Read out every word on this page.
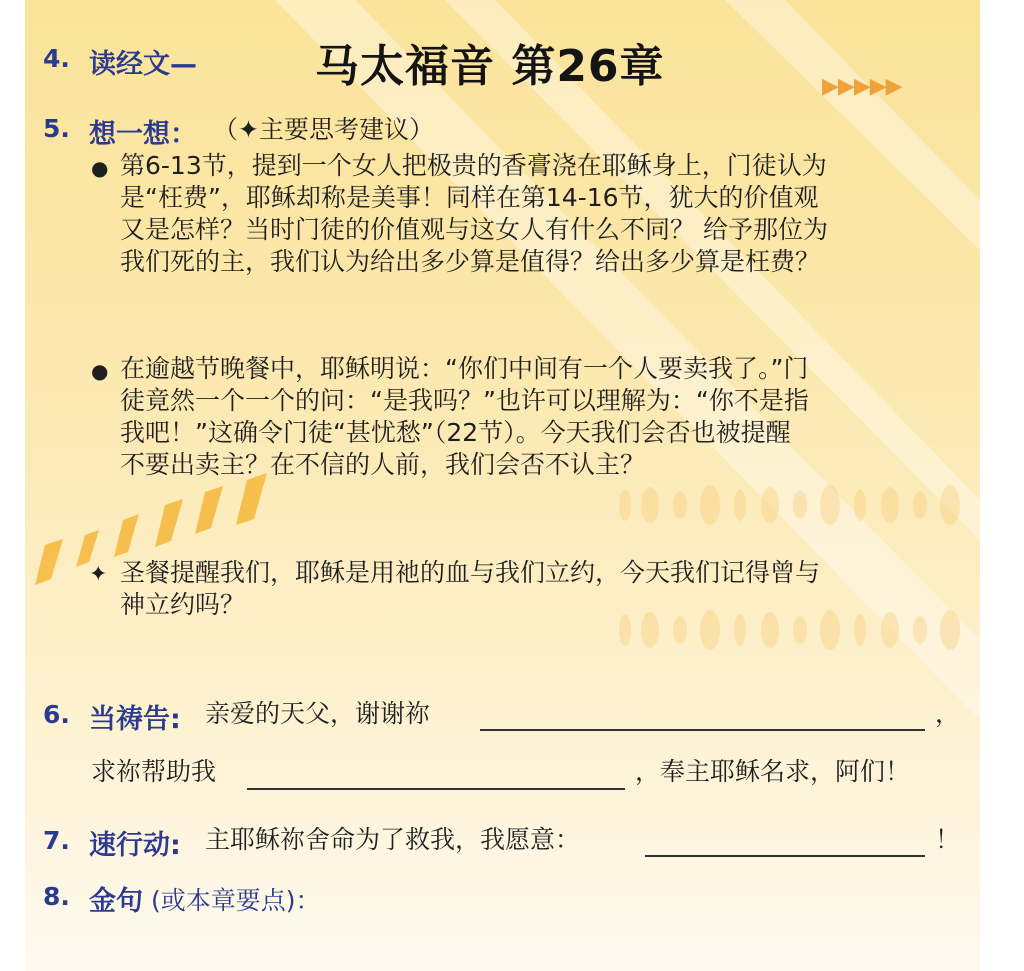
4. 读经文—	马太福音 第26章	▶▶▶▶▶
5. 想一想： （✦主要思考建议）
● 第6-13节，提到一个女人把极贵的香膏浇在耶稣身上，门徒认为
是“枉费”，耶稣却称是美事！同样在第14-16节，犹大的价值观
又是怎样？当时门徒的价值观与这女人有什么不同？ 给予那位为
我们死的主，我们认为给出多少算是值得？给出多少算是枉费？
● 在逾越节晚餐中，耶稣明说：“你们中间有一个人要卖我了。”门
徒竟然一个一个的问：“是我吗？”也许可以理解为：“你不是指
我吧！”这确令门徒“甚忧愁”（22节）。今天我们会否也被提醒
不要出卖主？在不信的人前，我们会否不认主？
✦ 圣餐提醒我们，耶稣是用祂的血与我们立约，今天我们记得曾与
神立约吗？
6. 当祷告: 亲爱的天父，谢谢祢	，
求祢帮助我	，奉主耶稣名求，阿们！
7. 速行动: 主耶稣祢舍命为了救我，我愿意：	！
8. 金句 (或本章要点)：
